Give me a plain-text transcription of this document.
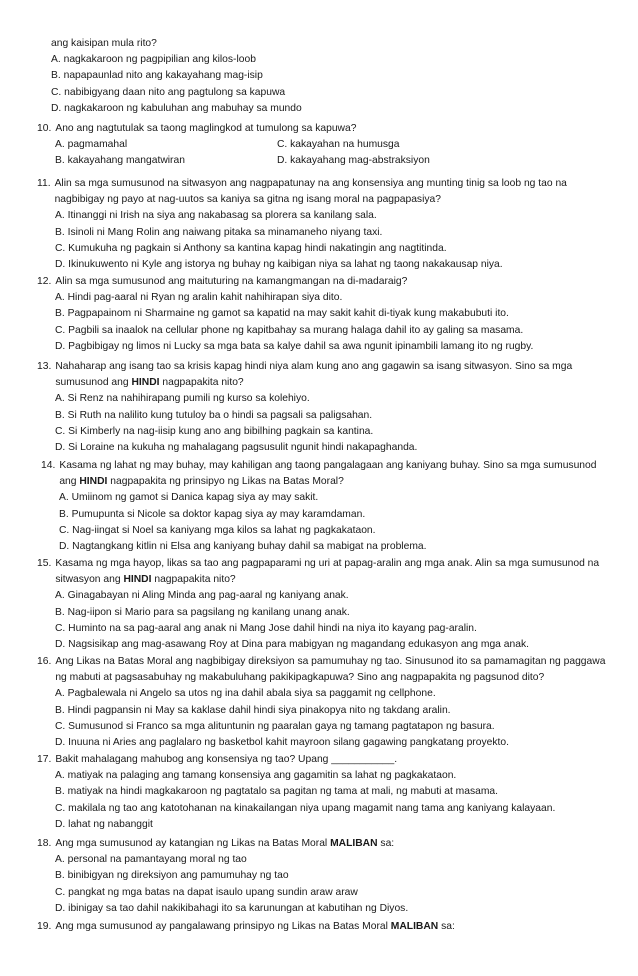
ang kaisipan mula rito?
A. nagkakaroon ng pagpipilian ang kilos-loob
B. napapaunlad nito ang kakayahang mag-isip
C. nabibigyang daan nito ang pagtulong sa kapuwa
D. nagkakaroon ng kabuluhan ang mabuhay sa mundo
10. Ano ang nagtutulak sa taong maglingkod at tumulong sa kapuwa?
A. pagmamahal	C. kakayahan na humusga
B. kakayahang mangatwiran	D. kakayahang mag-abstraksiyon
11. Alin sa mga sumusunod na sitwasyon ang nagpapatunay na ang konsensiya ang munting tinig sa loob ng tao na nagbibigay ng payo at nag-uutos sa kaniya sa gitna ng isang moral na pagpapasiya?
A. Itinanggi ni Irish na siya ang nakabasag sa plorera sa kanilang sala.
B. Isinoli ni Mang Rolin ang naiwang pitaka sa minamaneho niyang taxi.
C. Kumukuha ng pagkain si Anthony sa kantina kapag hindi nakatingin ang nagtitinda.
D. Ikinukuwento ni Kyle ang istorya ng buhay ng kaibigan niya sa lahat ng taong nakakausap niya.
12. Alin sa mga sumusunod ang maituturing na kamangmangan na di-madaraig?
A. Hindi pag-aaral ni Ryan ng aralin kahit nahihirapan siya dito.
B. Pagpapainom ni Sharmaine ng gamot sa kapatid na may sakit kahit di-tiyak kung makabubuti ito.
C. Pagbili sa inaalok na cellular phone ng kapitbahay sa murang halaga dahil ito ay galing sa masama.
D. Pagbibigay ng limos ni Lucky sa mga bata sa kalye dahil sa awa ngunit ipinambili lamang ito ng rugby.
13. Nahaharap ang isang tao sa krisis kapag hindi niya alam kung ano ang gagawin sa isang sitwasyon. Sino sa mga sumusunod ang HINDI nagpapakita nito?
A. Si Renz na nahihirapang pumili ng kurso sa kolehiyo.
B. Si Ruth na nalilito kung tutuloy ba o hindi sa pagsali sa paligsahan.
C. Si Kimberly na nag-iisip kung ano ang bibilhing pagkain sa kantina.
D. Si Loraine na kukuha ng mahalagang pagsusulit ngunit hindi nakapaghanda.
14. Kasama ng lahat ng may buhay, may kahiligan ang taong pangalagaan ang kaniyang buhay. Sino sa mga sumusunod ang HINDI nagpapakita ng prinsipyo ng Likas na Batas Moral?
A. Umiinom ng gamot si Danica kapag siya ay may sakit.
B. Pumupunta si Nicole sa doktor kapag siya ay may karamdaman.
C. Nag-iingat si Noel sa kaniyang mga kilos sa lahat ng pagkakataon.
D. Nagtangkang kitlin ni Elsa ang kaniyang buhay dahil sa mabigat na problema.
15. Kasama ng mga hayop, likas sa tao ang pagpaparami ng uri at papag-aralin ang mga anak. Alin sa mga sumusunod na sitwasyon ang HINDI nagpapakita nito?
A. Ginagabayan ni Aling Minda ang pag-aaral ng kaniyang anak.
B. Nag-iipon si Mario para sa pagsilang ng kanilang unang anak.
C. Huminto na sa pag-aaral ang anak ni Mang Jose dahil hindi na niya ito kayang pag-aralin.
D. Nagsisikap ang mag-asawang Roy at Dina para mabigyan ng magandang edukasyon ang mga anak.
16. Ang Likas na Batas Moral ang nagbibigay direksiyon sa pamumuhay ng tao. Sinusunod ito sa pamamagitan ng paggawa ng mabuti at pagsasabuhay ng makabuluhang pakikipagkapuwa? Sino ang nagpapakita ng pagsunod dito?
A. Pagbalewala ni Angelo sa utos ng ina dahil abala siya sa paggamit ng cellphone.
B. Hindi pagpansin ni May sa kaklase dahil hindi siya pinakopya nito ng takdang aralin.
C. Sumusunod si Franco sa mga alituntunin ng paaralan gaya ng tamang pagtatapon ng basura.
D. Inuuna ni Aries ang paglalaro ng basketbol kahit mayroon silang gagawing pangkatang proyekto.
17. Bakit mahalagang mahubog ang konsensiya ng tao? Upang ___________.
A. matiyak na palaging ang tamang konsensiya ang gagamitin sa lahat ng pagkakataon.
B. matiyak na hindi magkakaroon ng pagtatalo sa pagitan ng tama at mali, ng mabuti at masama.
C. makilala ng tao ang katotohanan na kinakailangan niya upang magamit nang tama ang kaniyang kalayaan.
D. lahat ng nabanggit
18. Ang mga sumusunod ay katangian ng Likas na Batas Moral MALIBAN sa:
A. personal na pamantayang moral ng tao
B. binibigyan ng direksiyon ang pamumuhay ng tao
C. pangkat ng mga batas na dapat isaulo upang sundin araw araw
D. ibinigay sa tao dahil nakikibahagi ito sa karunungan at kabutihan ng Diyos.
19. Ang mga sumusunod ay pangalawang prinsipyo ng Likas na Batas Moral MALIBAN sa:
